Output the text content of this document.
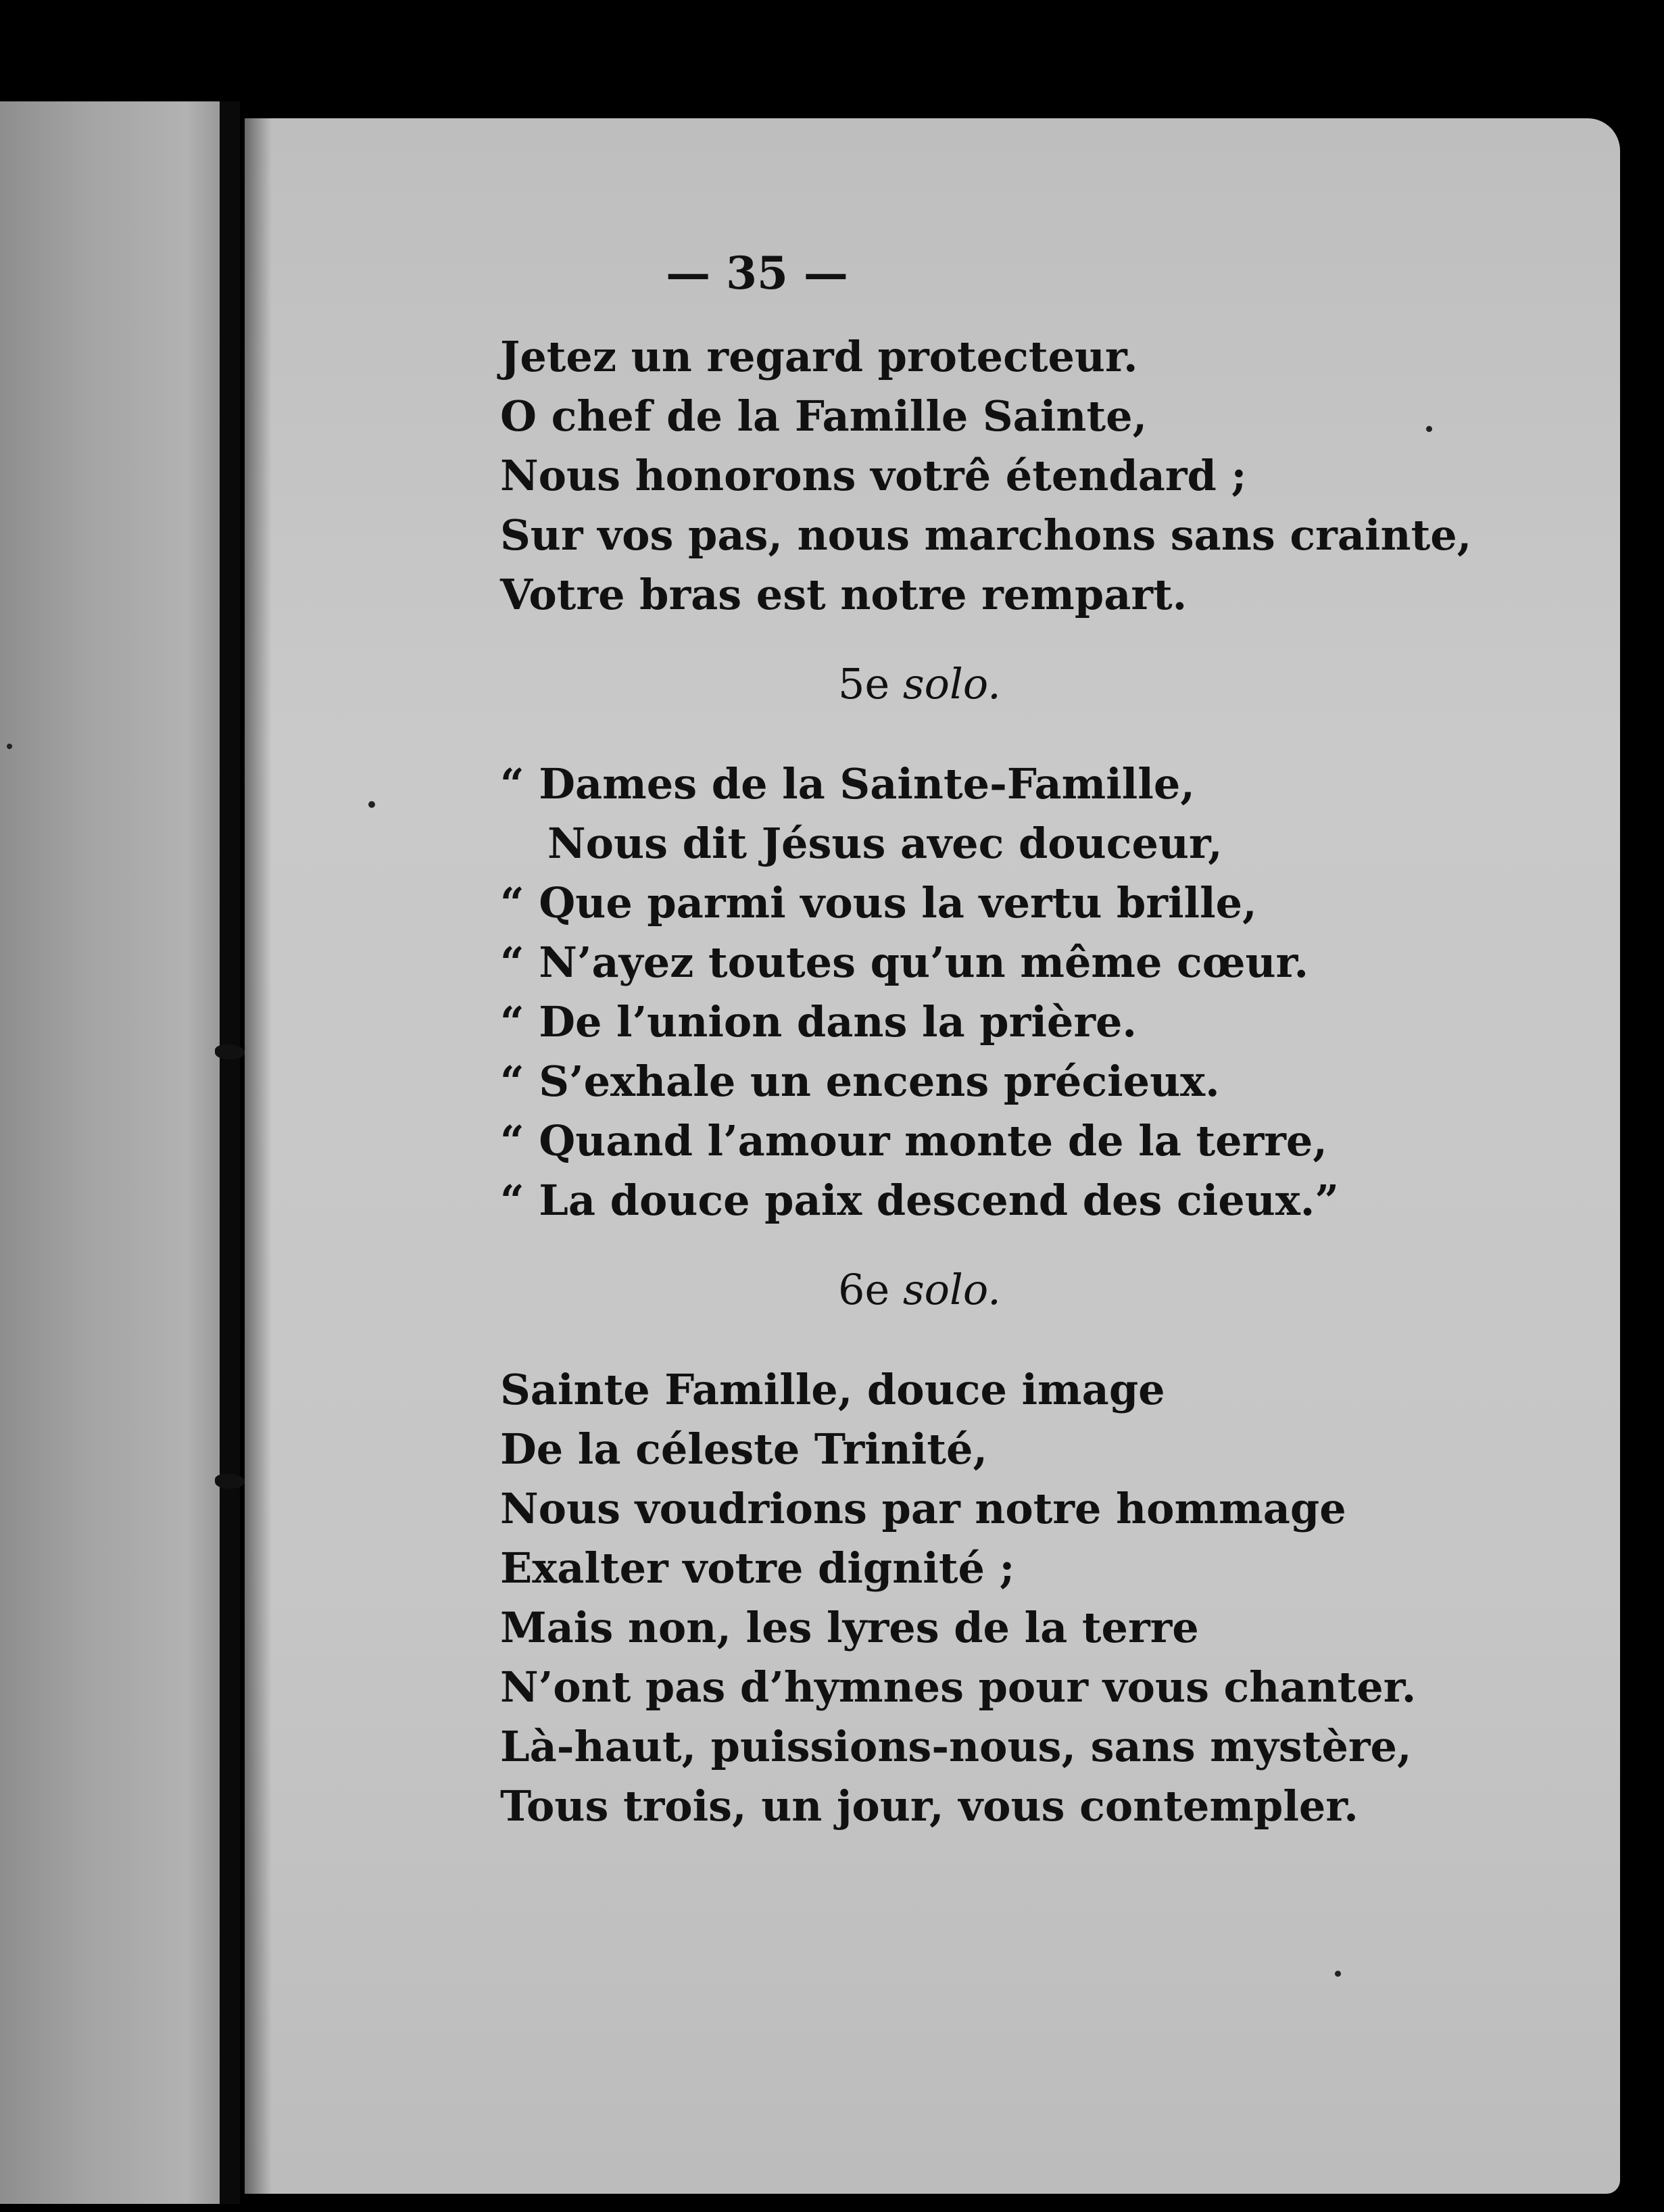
— 35 —
Jetez un regard protecteur.
O chef de la Famille Sainte,
Nous honorons votrê étendard ;
Sur vos pas, nous marchons sans crainte,
Votre bras est notre rempart.
5e solo.
“ Dames de la Sainte-Famille,
Nous dit Jésus avec douceur,
“ Que parmi vous la vertu brille,
“ N’ayez toutes qu’un même cœur.
“ De l’union dans la prière.
“ S’exhale un encens précieux.
“ Quand l’amour monte de la terre,
“ La douce paix descend des cieux.”
6e solo.
Sainte Famille, douce image
De la céleste Trinité,
Nous voudrions par notre hommage
Exalter votre dignité ;
Mais non, les lyres de la terre
N’ont pas d’hymnes pour vous chanter.
Là-haut, puissions-nous, sans mystère,
Tous trois, un jour, vous contempler.
